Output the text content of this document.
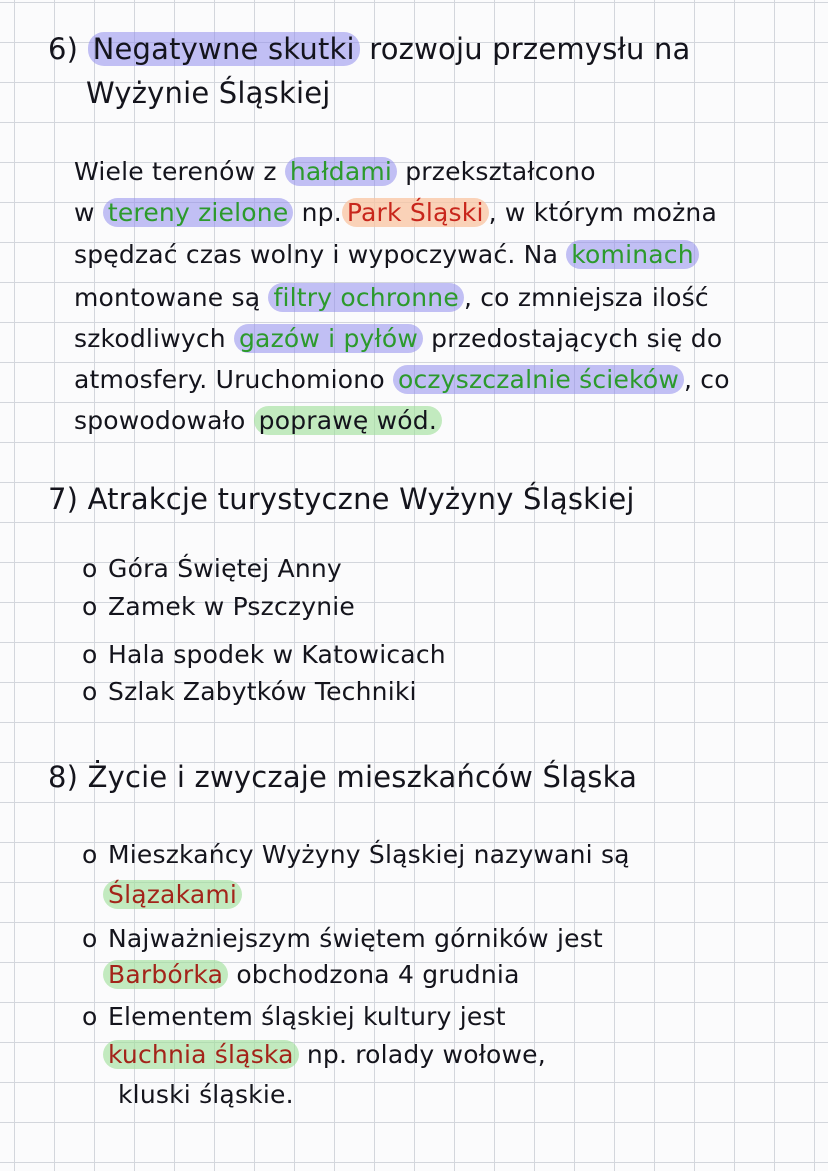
6) Negatywne skutki rozwoju przemysłu na
Wyżynie Śląskiej
Wiele terenów z hałdami przekształcono
w tereny zielone np. Park Śląski , w którym można
spędzać czas wolny i wypoczywać. Na kominach
montowane są filtry ochronne , co zmniejsza ilość
szkodliwych gazów i pyłów przedostających się do
atmosfery. Uruchomiono oczyszczalnie ścieków , co
spowodowało poprawę wód.
7) Atrakcje turystyczne Wyżyny Śląskiej
o Góra Świętej Anny
o Zamek w Pszczynie
o Hala spodek w Katowicach
o Szlak Zabytków Techniki
8) Życie i zwyczaje mieszkańców Śląska
o Mieszkańcy Wyżyny Śląskiej nazywani są
Ślązakami
o Najważniejszym świętem górników jest
Barbórka obchodzona 4 grudnia
o Elementem śląskiej kultury jest
kuchnia śląska np. rolady wołowe,
kluski śląskie.
